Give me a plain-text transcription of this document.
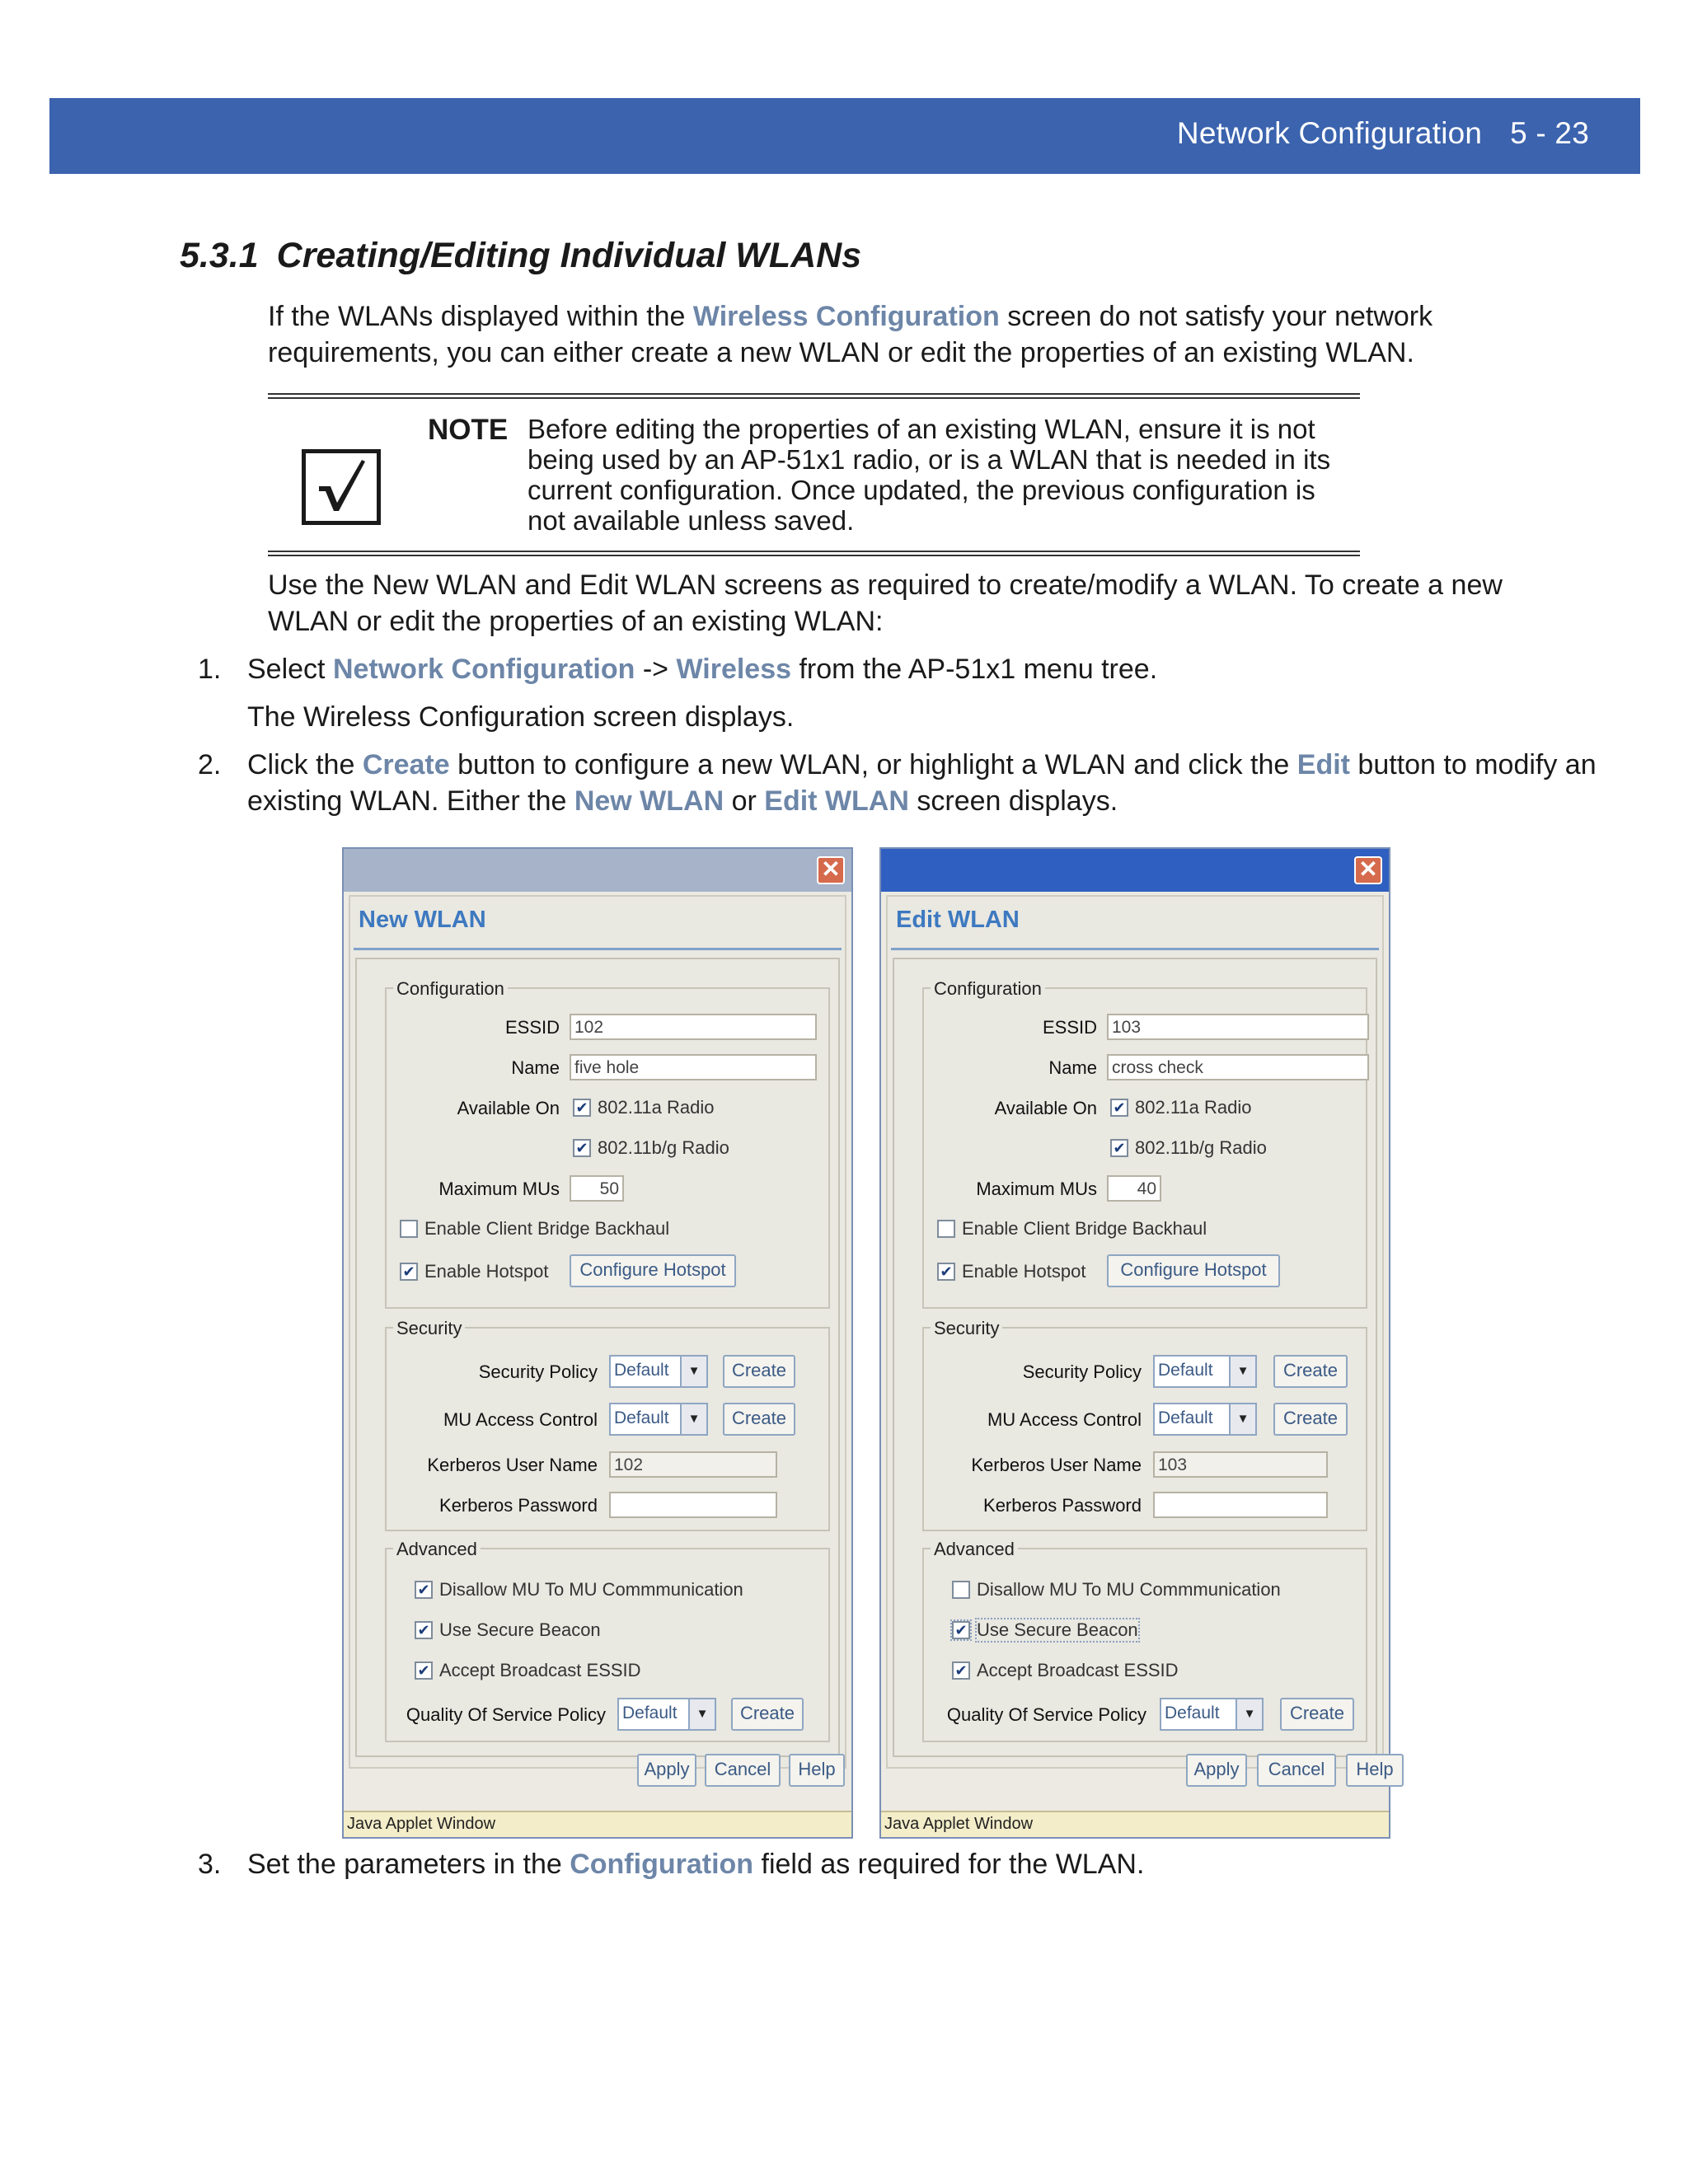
Network Configuration 5 - 23
5.3.1 Creating/Editing Individual WLANs

If the WLANs displayed within the Wireless Configuration screen do not satisfy your network requirements, you can either create a new WLAN or edit the properties of an existing WLAN.

NOTE Before editing the properties of an existing WLAN, ensure it is not being used by an AP-51x1 radio, or is a WLAN that is needed in its current configuration. Once updated, the previous configuration is not available unless saved.

Use the New WLAN and Edit WLAN screens as required to create/modify a WLAN. To create a new WLAN or edit the properties of an existing WLAN:

1. Select Network Configuration -> Wireless from the AP-51x1 menu tree.
The Wireless Configuration screen displays.
2. Click the Create button to configure a new WLAN, or highlight a WLAN and click the Edit button to modify an existing WLAN. Either the New WLAN or Edit WLAN screen displays.
✕
New WLAN
Configuration
ESSID 102
Name five hole
Available On ✔ 802.11a Radio
✔ 802.11b/g Radio
Maximum MUs	50
Enable Client Bridge Backhaul
✔ Enable Hotspot	Configure Hotspot
Security
Security Policy Default	▼	Create
MU Access Control Default	▼	Create
Kerberos User Name 102
Kerberos Password
Advanced
✔ Disallow MU To MU Commmunication
✔ Use Secure Beacon
✔ Accept Broadcast ESSID
Quality Of Service Policy Default	▼	Create
Apply	Cancel	Help
Java Applet Window
✕
Edit WLAN
Configuration
ESSID 103
Name cross check
Available On ✔ 802.11a Radio
✔ 802.11b/g Radio
Maximum MUs	40
Enable Client Bridge Backhaul
✔ Enable Hotspot	Configure Hotspot
Security
Security Policy Default	▼	Create
MU Access Control Default	▼	Create
Kerberos User Name 103
Kerberos Password
Advanced
Disallow MU To MU Commmunication
✔ Use Secure Beacon
✔ Accept Broadcast ESSID
Quality Of Service Policy Default	▼	Create
Apply	Cancel	Help
Java Applet Window
3. Set the parameters in the Configuration field as required for the WLAN.
